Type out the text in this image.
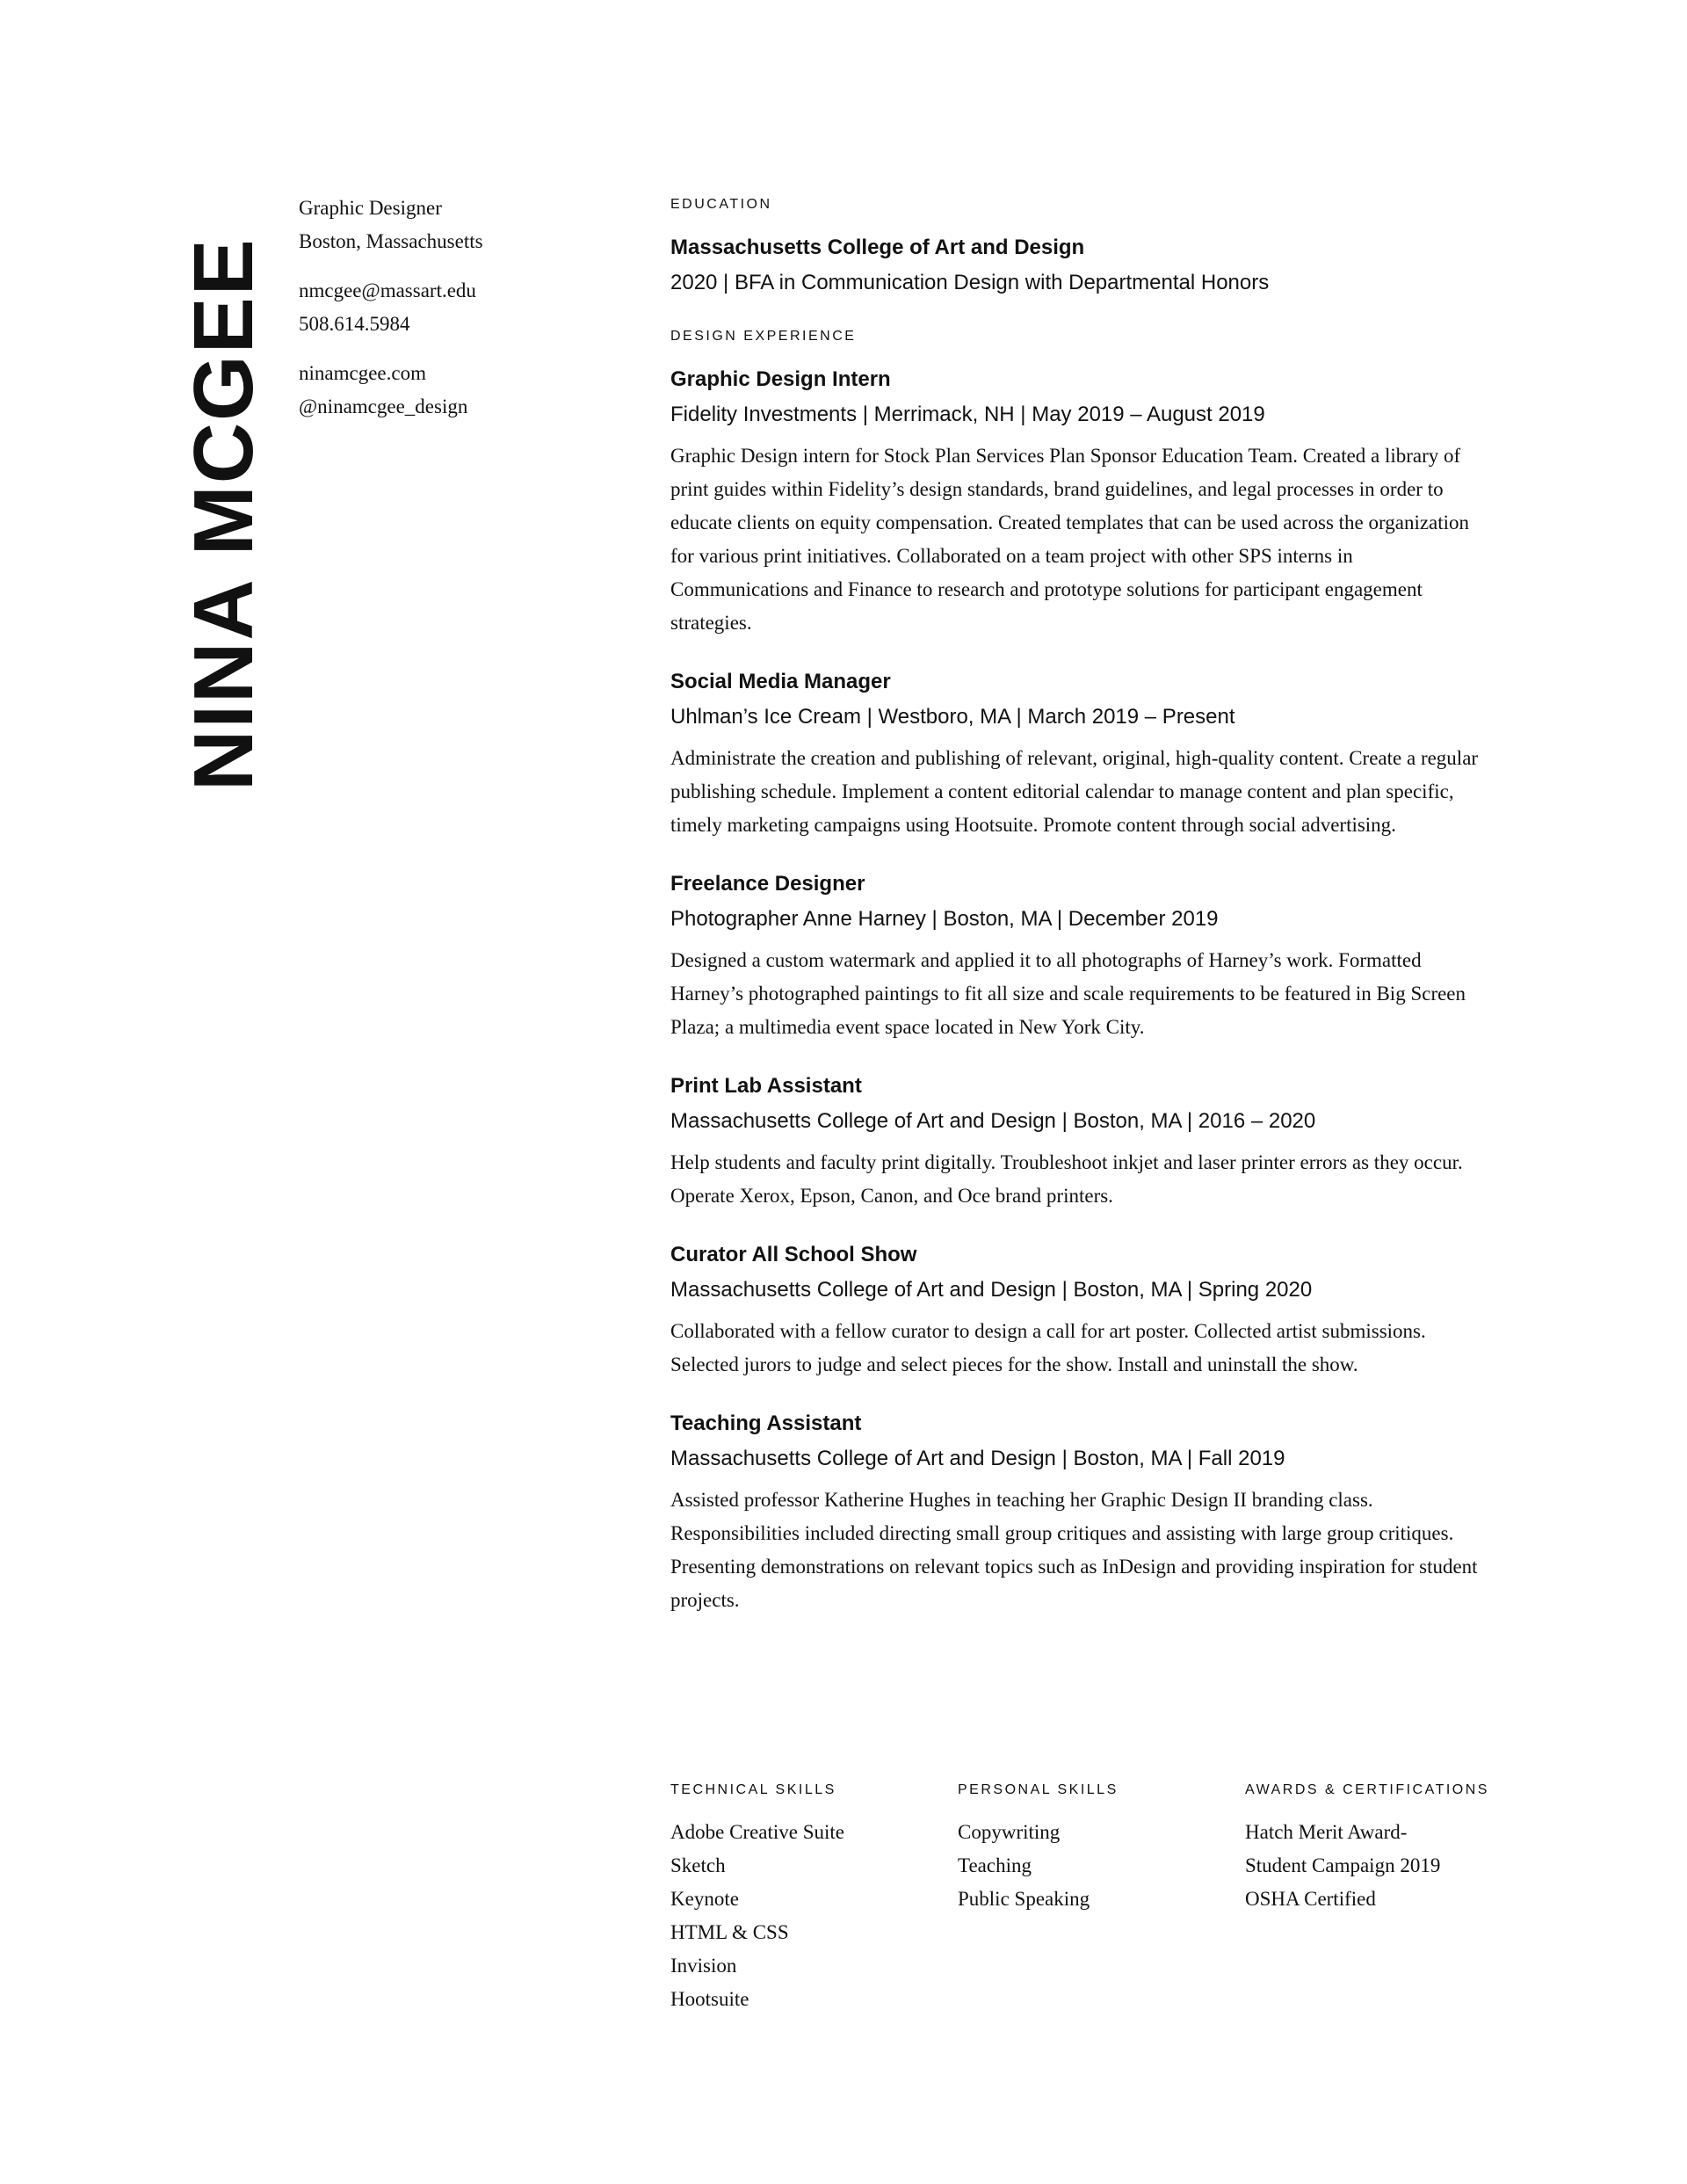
NINA MCGEE
Graphic Designer
Boston, Massachusetts
nmcgee@massart.edu
508.614.5984
ninamcgee.com
@ninamcgee_design
EDUCATION
Massachusetts College of Art and Design
2020 | BFA in Communication Design with Departmental Honors
DESIGN EXPERIENCE
Graphic Design Intern
Fidelity Investments | Merrimack, NH | May 2019 – August 2019
Graphic Design intern for Stock Plan Services Plan Sponsor Education Team. Created a library of print guides within Fidelity’s design standards, brand guidelines, and legal processes in order to educate clients on equity compensation. Created templates that can be used across the organization for various print initiatives. Collaborated on a team project with other SPS interns in Communications and Finance to research and prototype solutions for participant engagement strategies.
Social Media Manager
Uhlman’s Ice Cream | Westboro, MA | March 2019 – Present
Administrate the creation and publishing of relevant, original, high-quality content. Create a regular publishing schedule. Implement a content editorial calendar to manage content and plan specific, timely marketing campaigns using Hootsuite. Promote content through social advertising.
Freelance Designer
Photographer Anne Harney | Boston, MA | December 2019
Designed a custom watermark and applied it to all photographs of Harney’s work. Formatted Harney’s photographed paintings to fit all size and scale requirements to be featured in Big Screen Plaza; a multimedia event space located in New York City.
Print Lab Assistant
Massachusetts College of Art and Design | Boston, MA | 2016 – 2020
Help students and faculty print digitally. Troubleshoot inkjet and laser printer errors as they occur. Operate Xerox, Epson, Canon, and Oce brand printers.
Curator All School Show
Massachusetts College of Art and Design | Boston, MA | Spring 2020
Collaborated with a fellow curator to design a call for art poster. Collected artist submissions. Selected jurors to judge and select pieces for the show. Install and uninstall the show.
Teaching Assistant
Massachusetts College of Art and Design | Boston, MA | Fall 2019
Assisted professor Katherine Hughes in teaching her Graphic Design II branding class. Responsibilities included directing small group critiques and assisting with large group critiques. Presenting demonstrations on relevant topics such as InDesign and providing inspiration for student projects.
TECHNICAL SKILLS
Adobe Creative Suite
Sketch
Keynote
HTML & CSS
Invision
Hootsuite
PERSONAL SKILLS
Copywriting
Teaching
Public Speaking
AWARDS & CERTIFICATIONS
Hatch Merit Award-
Student Campaign 2019
OSHA Certified
